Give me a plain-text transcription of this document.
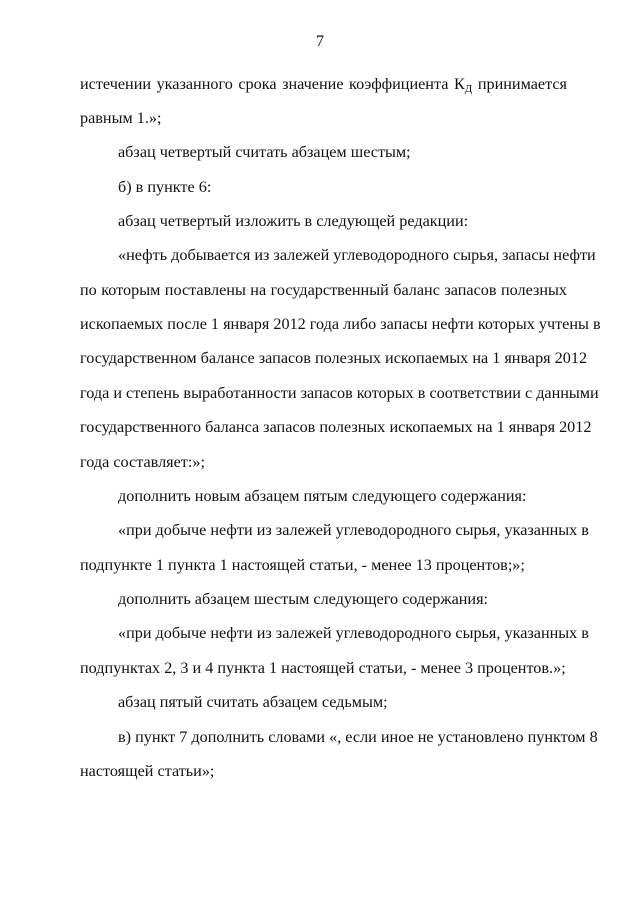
7
истечении указанного срока значение коэффициента КД принимается
равным 1.»;
абзац четвертый считать абзацем шестым;
б) в пункте 6:
абзац четвертый изложить в следующей редакции:
«нефть добывается из залежей углеводородного сырья, запасы нефти
по которым поставлены на государственный баланс запасов полезных
ископаемых после 1 января 2012 года либо запасы нефти которых учтены в
государственном балансе запасов полезных ископаемых на 1 января 2012
года и степень выработанности запасов которых в соответствии с данными
государственного баланса запасов полезных ископаемых на 1 января 2012
года составляет:»;
дополнить новым абзацем пятым следующего содержания:
«при добыче нефти из залежей углеводородного сырья, указанных в
подпункте 1 пункта 1 настоящей статьи, - менее 13 процентов;»;
дополнить абзацем шестым следующего содержания:
«при добыче нефти из залежей углеводородного сырья, указанных в
подпунктах 2, 3 и 4 пункта 1 настоящей статьи, - менее 3 процентов.»;
абзац пятый считать абзацем седьмым;
в) пункт 7 дополнить словами «, если иное не установлено пунктом 8
настоящей статьи»;
